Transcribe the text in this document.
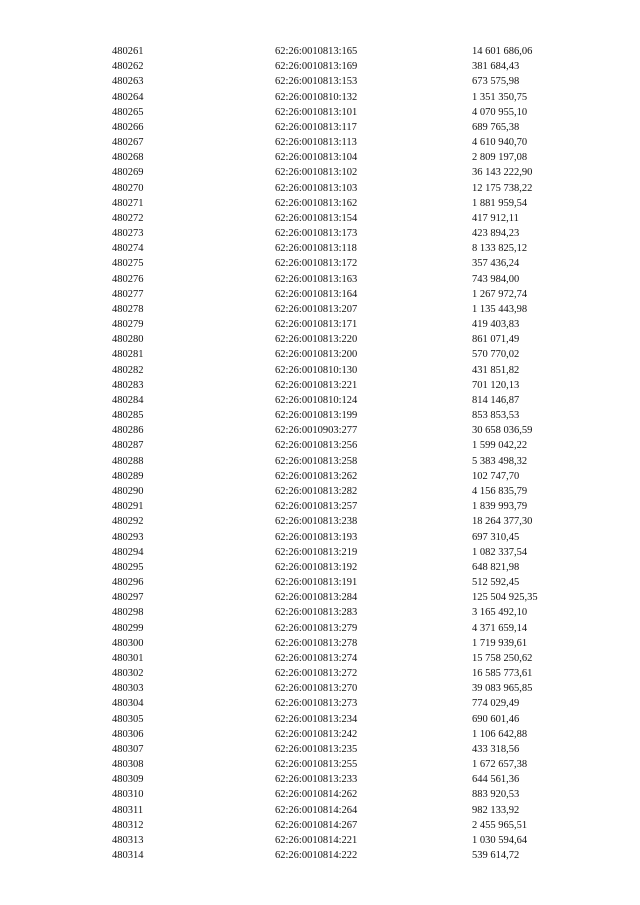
480261	62:26:0010813:165	14 601 686,06
480262	62:26:0010813:169	381 684,43
480263	62:26:0010813:153	673 575,98
480264	62:26:0010810:132	1 351 350,75
480265	62:26:0010813:101	4 070 955,10
480266	62:26:0010813:117	689 765,38
480267	62:26:0010813:113	4 610 940,70
480268	62:26:0010813:104	2 809 197,08
480269	62:26:0010813:102	36 143 222,90
480270	62:26:0010813:103	12 175 738,22
480271	62:26:0010813:162	1 881 959,54
480272	62:26:0010813:154	417 912,11
480273	62:26:0010813:173	423 894,23
480274	62:26:0010813:118	8 133 825,12
480275	62:26:0010813:172	357 436,24
480276	62:26:0010813:163	743 984,00
480277	62:26:0010813:164	1 267 972,74
480278	62:26:0010813:207	1 135 443,98
480279	62:26:0010813:171	419 403,83
480280	62:26:0010813:220	861 071,49
480281	62:26:0010813:200	570 770,02
480282	62:26:0010810:130	431 851,82
480283	62:26:0010813:221	701 120,13
480284	62:26:0010810:124	814 146,87
480285	62:26:0010813:199	853 853,53
480286	62:26:0010903:277	30 658 036,59
480287	62:26:0010813:256	1 599 042,22
480288	62:26:0010813:258	5 383 498,32
480289	62:26:0010813:262	102 747,70
480290	62:26:0010813:282	4 156 835,79
480291	62:26:0010813:257	1 839 993,79
480292	62:26:0010813:238	18 264 377,30
480293	62:26:0010813:193	697 310,45
480294	62:26:0010813:219	1 082 337,54
480295	62:26:0010813:192	648 821,98
480296	62:26:0010813:191	512 592,45
480297	62:26:0010813:284	125 504 925,35
480298	62:26:0010813:283	3 165 492,10
480299	62:26:0010813:279	4 371 659,14
480300	62:26:0010813:278	1 719 939,61
480301	62:26:0010813:274	15 758 250,62
480302	62:26:0010813:272	16 585 773,61
480303	62:26:0010813:270	39 083 965,85
480304	62:26:0010813:273	774 029,49
480305	62:26:0010813:234	690 601,46
480306	62:26:0010813:242	1 106 642,88
480307	62:26:0010813:235	433 318,56
480308	62:26:0010813:255	1 672 657,38
480309	62:26:0010813:233	644 561,36
480310	62:26:0010814:262	883 920,53
480311	62:26:0010814:264	982 133,92
480312	62:26:0010814:267	2 455 965,51
480313	62:26:0010814:221	1 030 594,64
480314	62:26:0010814:222	539 614,72
